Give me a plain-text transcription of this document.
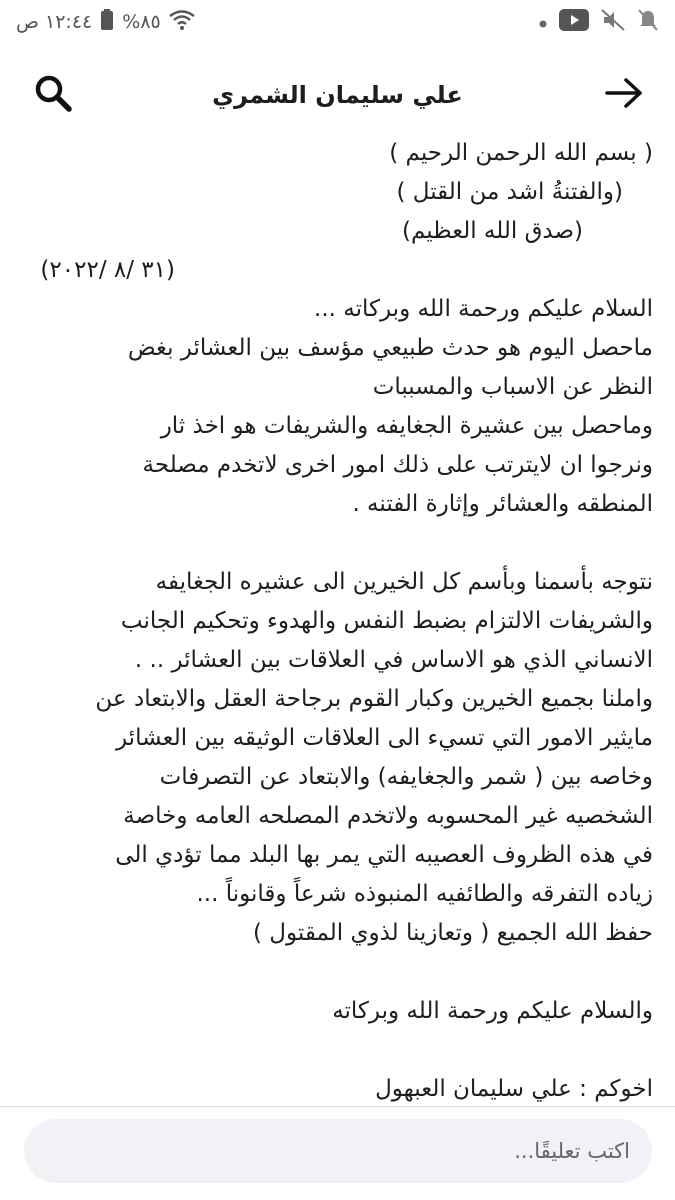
١٢:٤٤ ص %٨٥
علي سليمان الشمري
( بسم الله الرحمن الرحيم )
(والفتنةُ اشد من القتل )
(صدق الله العظيم)
(٣١ /٨ /٢٠٢٢)
السلام عليكم ورحمة الله وبركاته ...
ماحصل اليوم هو حدث طبيعي مؤسف بين العشائر بغض
النظر عن الاسباب والمسببات
وماحصل بين عشيرة الجغايفه والشريفات هو اخذ ثار
ونرجوا ان لايترتب على ذلك امور اخرى لاتخدم مصلحة
المنطقه والعشائر وإثارة الفتنه .
نتوجه بأسمنا وبأسم كل الخيرين الى عشيره الجغايفه
والشريفات الالتزام بضبط النفس والهدوء وتحكيم الجانب
الانساني الذي هو الاساس في العلاقات بين العشائر .. .
واملنا بجميع الخيرين وكبار القوم برجاحة العقل والابتعاد عن
مايثير الامور التي تسيء الى العلاقات الوثيقه بين العشائر
وخاصه بين ( شمر والجغايفه) والابتعاد عن التصرفات
الشخصيه غير المحسوبه ولاتخدم المصلحه العامه وخاصة
في هذه الظروف العصيبه التي يمر بها البلد مما تؤدي الى
زياده التفرقه والطائفيه المنبوذه شرعاً وقانوناً ...
حفظ الله الجميع ( وتعازينا لذوي المقتول )
والسلام عليكم ورحمة الله وبركاته
اخوكم : علي سليمان العبهول
اكتب تعليقًا...
